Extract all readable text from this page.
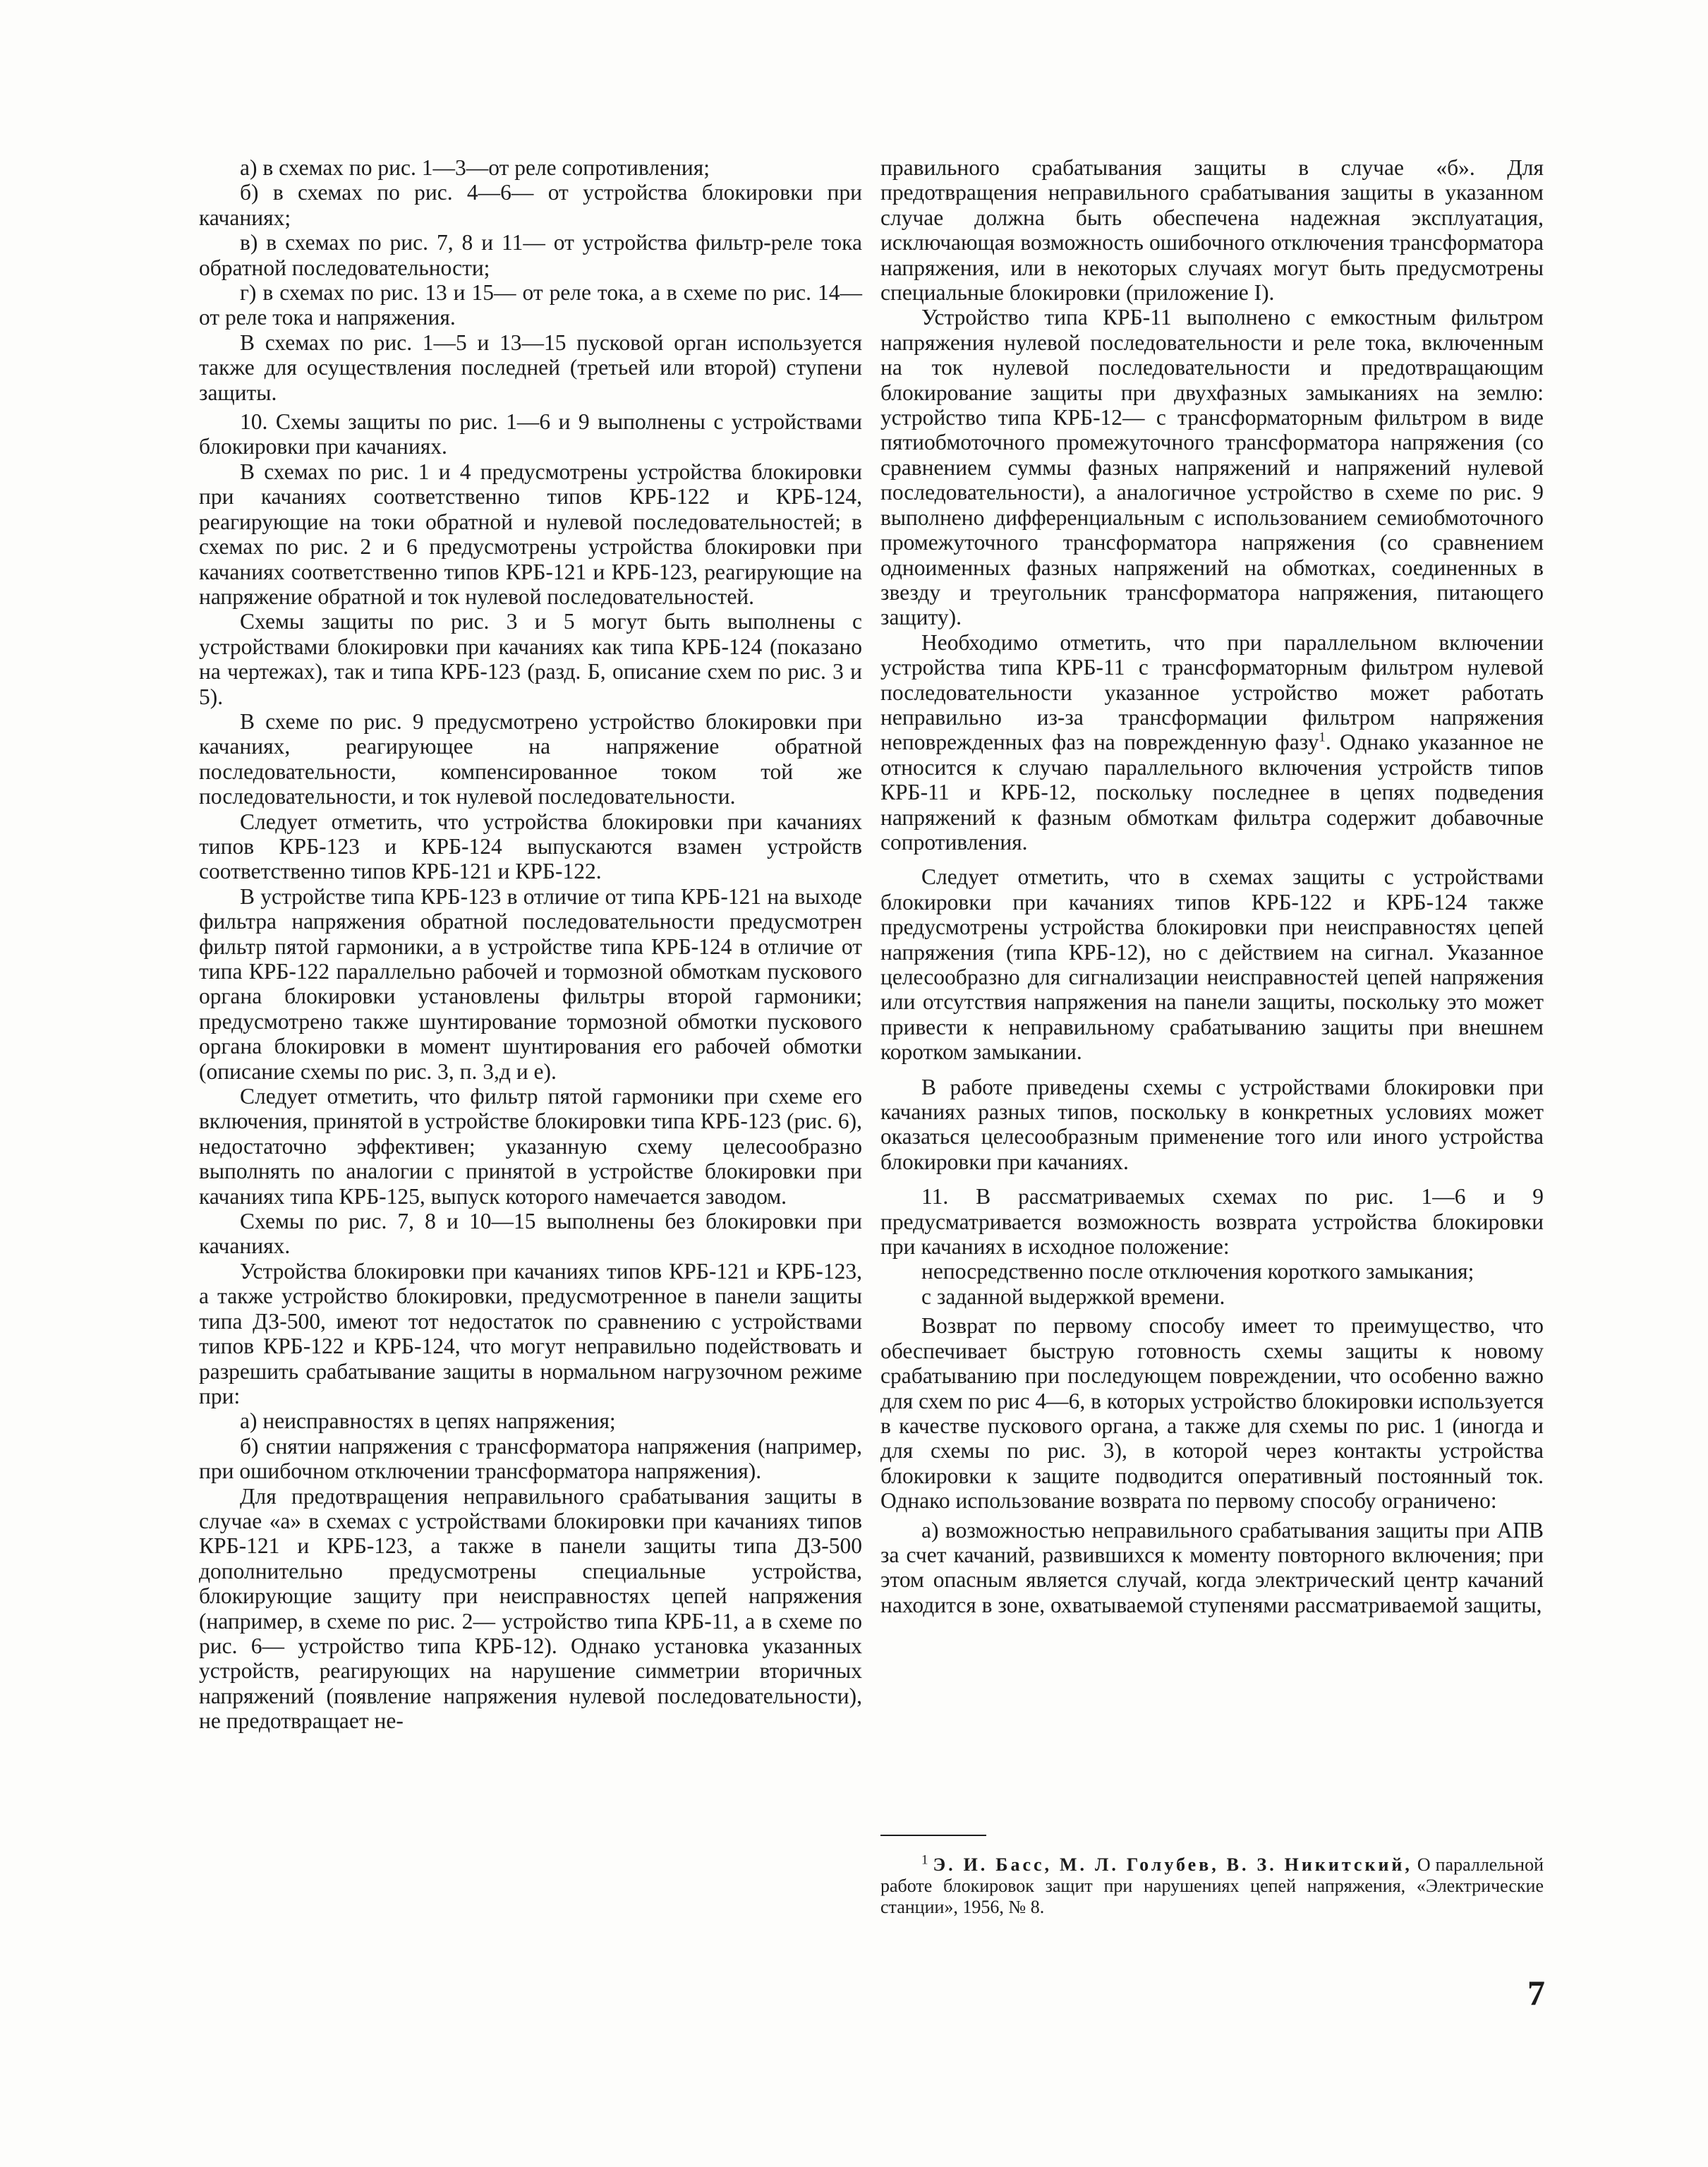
а) в схемах по рис. 1—3—от реле сопротивления;

б) в схемах по рис. 4—6— от устройства блокировки при качаниях;

в) в схемах по рис. 7, 8 и 11— от устройства фильтр-реле тока обратной последовательности;

г) в схемах по рис. 13 и 15— от реле тока, а в схеме по рис. 14— от реле тока и напряжения.

В схемах по рис. 1—5 и 13—15 пусковой орган используется также для осуществления последней (третьей или второй) ступени защиты.

10. Схемы защиты по рис. 1—6 и 9 выполнены с устройствами блокировки при качаниях.

В схемах по рис. 1 и 4 предусмотрены устройства блокировки при качаниях соответственно типов КРБ-122 и КРБ-124, реагирующие на токи обратной и нулевой последовательностей; в схемах по рис. 2 и 6 предусмотрены устройства блокировки при качаниях соответственно типов КРБ-121 и КРБ-123, реагирующие на напряжение обратной и ток нулевой последовательностей.

Схемы защиты по рис. 3 и 5 могут быть выполнены с устройствами блокировки при качаниях как типа КРБ-124 (показано на чертежах), так и типа КРБ-123 (разд. Б, описание схем по рис. 3 и 5).

В схеме по рис. 9 предусмотрено устройство блокировки при качаниях, реагирующее на напряжение обратной последовательности, компенсированное током той же последовательности, и ток нулевой последовательности.

Следует отметить, что устройства блокировки при качаниях типов КРБ-123 и КРБ-124 выпускаются взамен устройств соответственно типов КРБ-121 и КРБ-122.

В устройстве типа КРБ-123 в отличие от типа КРБ-121 на выходе фильтра напряжения обратной последовательности предусмотрен фильтр пятой гармоники, а в устройстве типа КРБ-124 в отличие от типа КРБ-122 параллельно рабочей и тормозной обмоткам пускового органа блокировки установлены фильтры второй гармоники; предусмотрено также шунтирование тормозной обмотки пускового органа блокировки в момент шунтирования его рабочей обмотки (описание схемы по рис. 3, п. 3,д и е).

Следует отметить, что фильтр пятой гармоники при схеме его включения, принятой в устройстве блокировки типа КРБ-123 (рис. 6), недостаточно эффективен; указанную схему целесообразно выполнять по аналогии с принятой в устройстве блокировки при качаниях типа КРБ-125, выпуск которого намечается заводом.

Схемы по рис. 7, 8 и 10—15 выполнены без блокировки при качаниях.

Устройства блокировки при качаниях типов КРБ-121 и КРБ-123, а также устройство блокировки, предусмотренное в панели защиты типа ДЗ-500, имеют тот недостаток по сравнению с устройствами типов КРБ-122 и КРБ-124, что могут неправильно подействовать и разрешить срабатывание защиты в нормальном нагрузочном режиме при:

а) неисправностях в цепях напряжения;

б) снятии напряжения с трансформатора напряжения (например, при ошибочном отключении трансформатора напряжения).

Для предотвращения неправильного срабатывания защиты в случае «а» в схемах с устройствами блокировки при качаниях типов КРБ-121 и КРБ-123, а также в панели защиты типа ДЗ-500 дополнительно предусмотрены специальные устройства, блокирующие защиту при неисправностях цепей напряжения (например, в схеме по рис. 2— устройство типа КРБ-11, а в схеме по рис. 6— устройство типа КРБ-12). Однако установка указанных устройств, реагирующих на нарушение симметрии вторичных напряжений (появление напряжения нулевой последовательности), не предотвращает не-

правильного срабатывания защиты в случае «б». Для предотвращения неправильного срабатывания защиты в указанном случае должна быть обеспечена надежная эксплуатация, исключающая возможность ошибочного отключения трансформатора напряжения, или в некоторых случаях могут быть предусмотрены специальные блокировки (приложение I).

Устройство типа КРБ-11 выполнено с емкостным фильтром напряжения нулевой последовательности и реле тока, включенным на ток нулевой последовательности и предотвращающим блокирование защиты при двухфазных замыканиях на землю: устройство типа КРБ-12— с трансформаторным фильтром в виде пятиобмоточного промежуточного трансформатора напряжения (со сравнением суммы фазных напряжений и напряжений нулевой последовательности), а аналогичное устройство в схеме по рис. 9 выполнено дифференциальным с использованием семиобмоточного промежуточного трансформатора напряжения (со сравнением одноименных фазных напряжений на обмотках, соединенных в звезду и треугольник трансформатора напряжения, питающего защиту).

Необходимо отметить, что при параллельном включении устройства типа КРБ-11 с трансформаторным фильтром нулевой последовательности указанное устройство может работать неправильно из-за трансформации фильтром напряжения неповрежденных фаз на поврежденную фазу$^1$. Однако указанное не относится к случаю параллельного включения устройств типов КРБ-11 и КРБ-12, поскольку последнее в цепях подведения напряжений к фазным обмоткам фильтра содержит добавочные сопротивления.

Следует отметить, что в схемах защиты с устройствами блокировки при качаниях типов КРБ-122 и КРБ-124 также предусмотрены устройства блокировки при неисправностях цепей напряжения (типа КРБ-12), но с действием на сигнал. Указанное целесообразно для сигнализации неисправностей цепей напряжения или отсутствия напряжения на панели защиты, поскольку это может привести к неправильному срабатыванию защиты при внешнем коротком замыкании.

В работе приведены схемы с устройствами блокировки при качаниях разных типов, поскольку в конкретных условиях может оказаться целесообразным применение того или иного устройства блокировки при качаниях.

11. В рассматриваемых схемах по рис. 1—6 и 9 предусматривается возможность возврата устройства блокировки при качаниях в исходное положение:

непосредственно после отключения короткого замыкания;

с заданной выдержкой времени.

Возврат по первому способу имеет то преимущество, что обеспечивает быструю готовность схемы защиты к новому срабатыванию при последующем повреждении, что особенно важно для схем по рис 4—6, в которых устройство блокировки используется в качестве пускового органа, а также для схемы по рис. 1 (иногда и для схемы по рис. 3), в которой через контакты устройства блокировки к защите подводится оперативный постоянный ток. Однако использование возврата по первому способу ограничено:

а) возможностью неправильного срабатывания защиты при АПВ за счет качаний, развившихся к моменту повторного включения; при этом опасным является случай, когда электрический центр качаний находится в зоне, охватываемой ступенями рассматриваемой защиты,

$^1$ Э. И. Басс, М. Л. Голубев, В. З. Никитский, О параллельной работе блокировок защит при нарушениях цепей напряжения, «Электрические станции», 1956, № 8.
7
